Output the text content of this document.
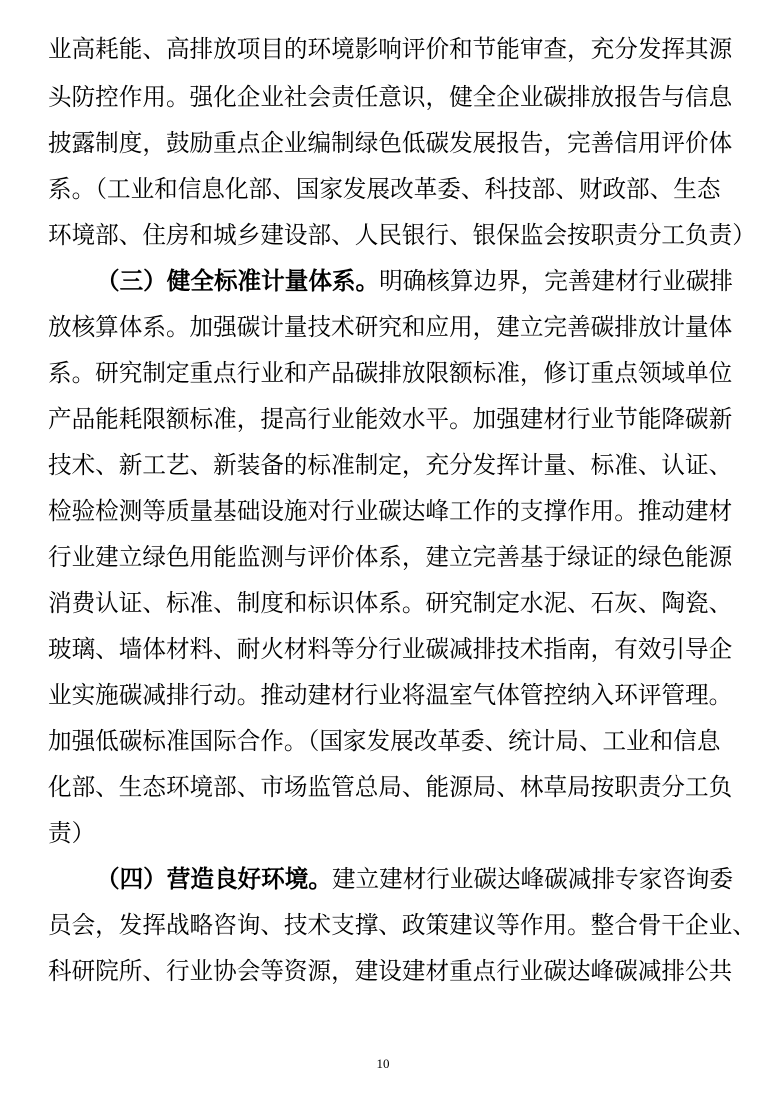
业高耗能、高排放项目的环境影响评价和节能审查，充分发挥其源
头防控作用。强化企业社会责任意识，健全企业碳排放报告与信息
披露制度，鼓励重点企业编制绿色低碳发展报告，完善信用评价体
系。（工业和信息化部、国家发展改革委、科技部、财政部、生态
环境部、住房和城乡建设部、人民银行、银保监会按职责分工负责）
（三）健全标准计量体系。明确核算边界，完善建材行业碳排
放核算体系。加强碳计量技术研究和应用，建立完善碳排放计量体
系。研究制定重点行业和产品碳排放限额标准，修订重点领域单位
产品能耗限额标准，提高行业能效水平。加强建材行业节能降碳新
技术、新工艺、新装备的标准制定，充分发挥计量、标准、认证、
检验检测等质量基础设施对行业碳达峰工作的支撑作用。推动建材
行业建立绿色用能监测与评价体系，建立完善基于绿证的绿色能源
消费认证、标准、制度和标识体系。研究制定水泥、石灰、陶瓷、
玻璃、墙体材料、耐火材料等分行业碳减排技术指南，有效引导企
业实施碳减排行动。推动建材行业将温室气体管控纳入环评管理。
加强低碳标准国际合作。（国家发展改革委、统计局、工业和信息
化部、生态环境部、市场监管总局、能源局、林草局按职责分工负
责）
（四）营造良好环境。建立建材行业碳达峰碳减排专家咨询委
员会，发挥战略咨询、技术支撑、政策建议等作用。整合骨干企业、
科研院所、行业协会等资源，建设建材重点行业碳达峰碳减排公共
10
